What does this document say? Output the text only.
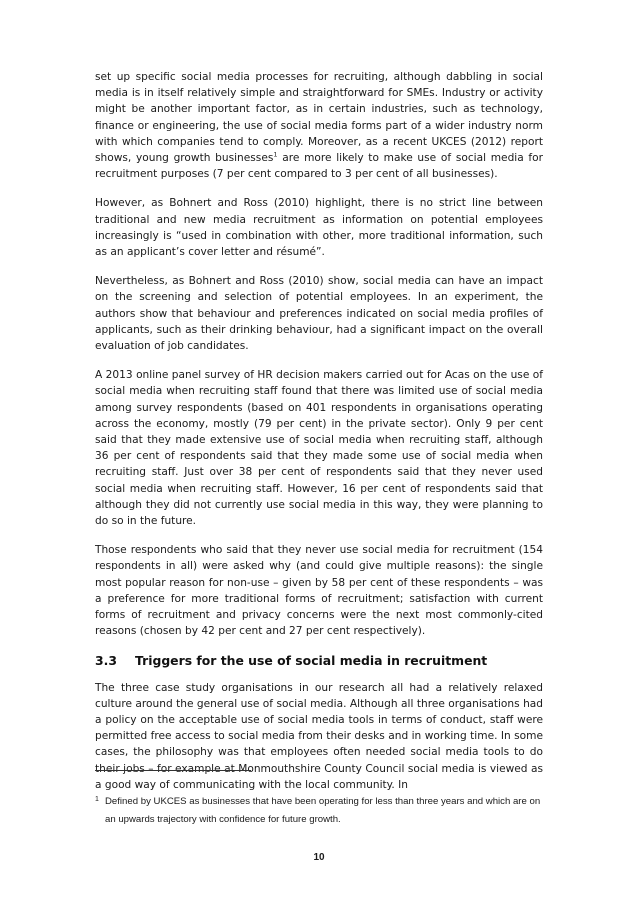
set up specific social media processes for recruiting, although dabbling in social media is in itself relatively simple and straightforward for SMEs. Industry or activity might be another important factor, as in certain industries, such as technology, finance or engineering, the use of social media forms part of a wider industry norm with which companies tend to comply. Moreover, as a recent UKCES (2012) report shows, young growth businesses$^1$ are more likely to make use of social media for recruitment purposes (7 per cent compared to 3 per cent of all businesses).

However, as Bohnert and Ross (2010) highlight, there is no strict line between traditional and new media recruitment as information on potential employees increasingly is “used in combination with other, more traditional information, such as an applicant’s cover letter and résumé”.

Nevertheless, as Bohnert and Ross (2010) show, social media can have an impact on the screening and selection of potential employees. In an experiment, the authors show that behaviour and preferences indicated on social media profiles of applicants, such as their drinking behaviour, had a significant impact on the overall evaluation of job candidates.

A 2013 online panel survey of HR decision makers carried out for Acas on the use of social media when recruiting staff found that there was limited use of social media among survey respondents (based on 401 respondents in organisations operating across the economy, mostly (79 per cent) in the private sector). Only 9 per cent said that they made extensive use of social media when recruiting staff, although 36 per cent of respondents said that they made some use of social media when recruiting staff. Just over 38 per cent of respondents said that they never used social media when recruiting staff. However, 16 per cent of respondents said that although they did not currently use social media in this way, they were planning to do so in the future.

Those respondents who said that they never use social media for recruitment (154 respondents in all) were asked why (and could give multiple reasons): the single most popular reason for non-use – given by 58 per cent of these respondents – was a preference for more traditional forms of recruitment; satisfaction with current forms of recruitment and privacy concerns were the next most commonly-cited reasons (chosen by 42 per cent and 27 per cent respectively).

3.3	Triggers for the use of social media in recruitment

The three case study organisations in our research all had a relatively relaxed culture around the general use of social media. Although all three organisations had a policy on the acceptable use of social media tools in terms of conduct, staff were permitted free access to social media from their desks and in working time. In some cases, the philosophy was that employees often needed social media tools to do their jobs – for example at Monmouthshire County Council social media is viewed as a good way of communicating with the local community. In

1 Defined by UKCES as businesses that have been operating for less than three years and which are on an upwards trajectory with confidence for future growth.
10
